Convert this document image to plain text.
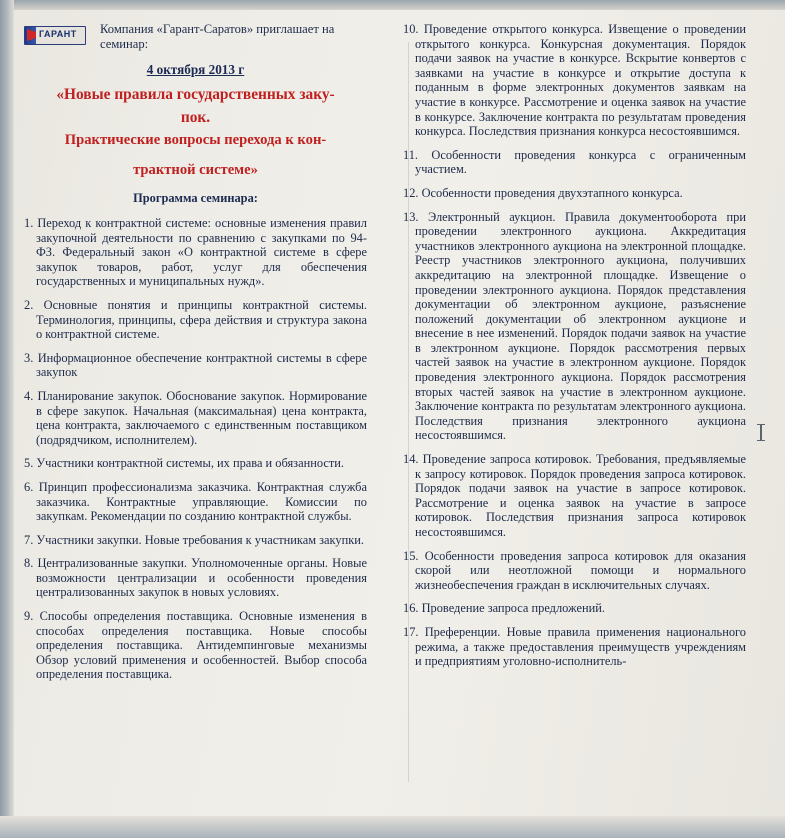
ГАРАНТ Компания «Гарант-Саратов» приглашает на семинар:
4 октября 2013 г
«Новые правила государственных заку-
пок.
Практические вопросы перехода к кон-
трактной системе»
Программа семинара:

1. Переход к контрактной системе: основные изменения правил закупочной деятельности по сравнению с закупками по 94-ФЗ. Федеральный закон «О контрактной системе в сфере закупок товаров, работ, услуг для обеспечения государственных и муниципальных нужд».

2. Основные понятия и принципы контрактной системы. Терминология, принципы, сфера действия и структура закона о контрактной системе.

3. Информационное обеспечение контрактной системы в сфере закупок

4. Планирование закупок. Обоснование закупок. Нормирование в сфере закупок. Начальная (максимальная) цена контракта, цена контракта, заключаемого с единственным поставщиком (подрядчиком, исполнителем).

5. Участники контрактной системы, их права и обязанности.

6. Принцип профессионализма заказчика. Контрактная служба заказчика. Контрактные управляющие. Комиссии по закупкам. Рекомендации по созданию контрактной службы.

7. Участники закупки. Новые требования к участникам закупки.

8. Централизованные закупки. Уполномоченные органы. Новые возможности централизации и особенности проведения централизованных закупок в новых условиях.

9. Способы определения поставщика. Основные изменения в способах определения поставщика. Новые способы определения поставщика. Антидемпинговые механизмы Обзор условий применения и особенностей. Выбор способа определения поставщика.

10. Проведение открытого конкурса. Извещение о проведении открытого конкурса. Конкурсная документация. Порядок подачи заявок на участие в конкурсе. Вскрытие конвертов с заявками на участие в конкурсе и открытие доступа к поданным в форме электронных документов заявкам на участие в конкурсе. Рассмотрение и оценка заявок на участие в конкурсе. Заключение контракта по результатам проведения конкурса. Последствия признания конкурса несостоявшимся.

11. Особенности проведения конкурса с ограниченным участием.

12. Особенности проведения двухэтапного конкурса.

13. Электронный аукцион. Правила документооборота при проведении электронного аукциона. Аккредитация участников электронного аукциона на электронной площадке. Реестр участников электронного аукциона, получивших аккредитацию на электронной площадке. Извещение о проведении электронного аукциона. Порядок представления документации об электронном аукционе, разъяснение положений документации об электронном аукционе и внесение в нее изменений. Порядок подачи заявок на участие в электронном аукционе. Порядок рассмотрения первых частей заявок на участие в электронном аукционе. Порядок проведения электронного аукциона. Порядок рассмотрения вторых частей заявок на участие в электронном аукционе. Заключение контракта по результатам электронного аукциона. Последствия признания электронного аукциона несостоявшимся.

14. Проведение запроса котировок. Требования, предъявляемые к запросу котировок. Порядок проведения запроса котировок. Порядок подачи заявок на участие в запросе котировок. Рассмотрение и оценка заявок на участие в запросе котировок. Последствия признания запроса котировок несостоявшимся.

15. Особенности проведения запроса котировок для оказания скорой или неотложной помощи и нормального жизнеобеспечения граждан в исключительных случаях.

16. Проведение запроса предложений.

17. Преференции. Новые правила применения национального режима, а также предоставления преимуществ учреждениям и предприятиям уголовно-исполнитель-
